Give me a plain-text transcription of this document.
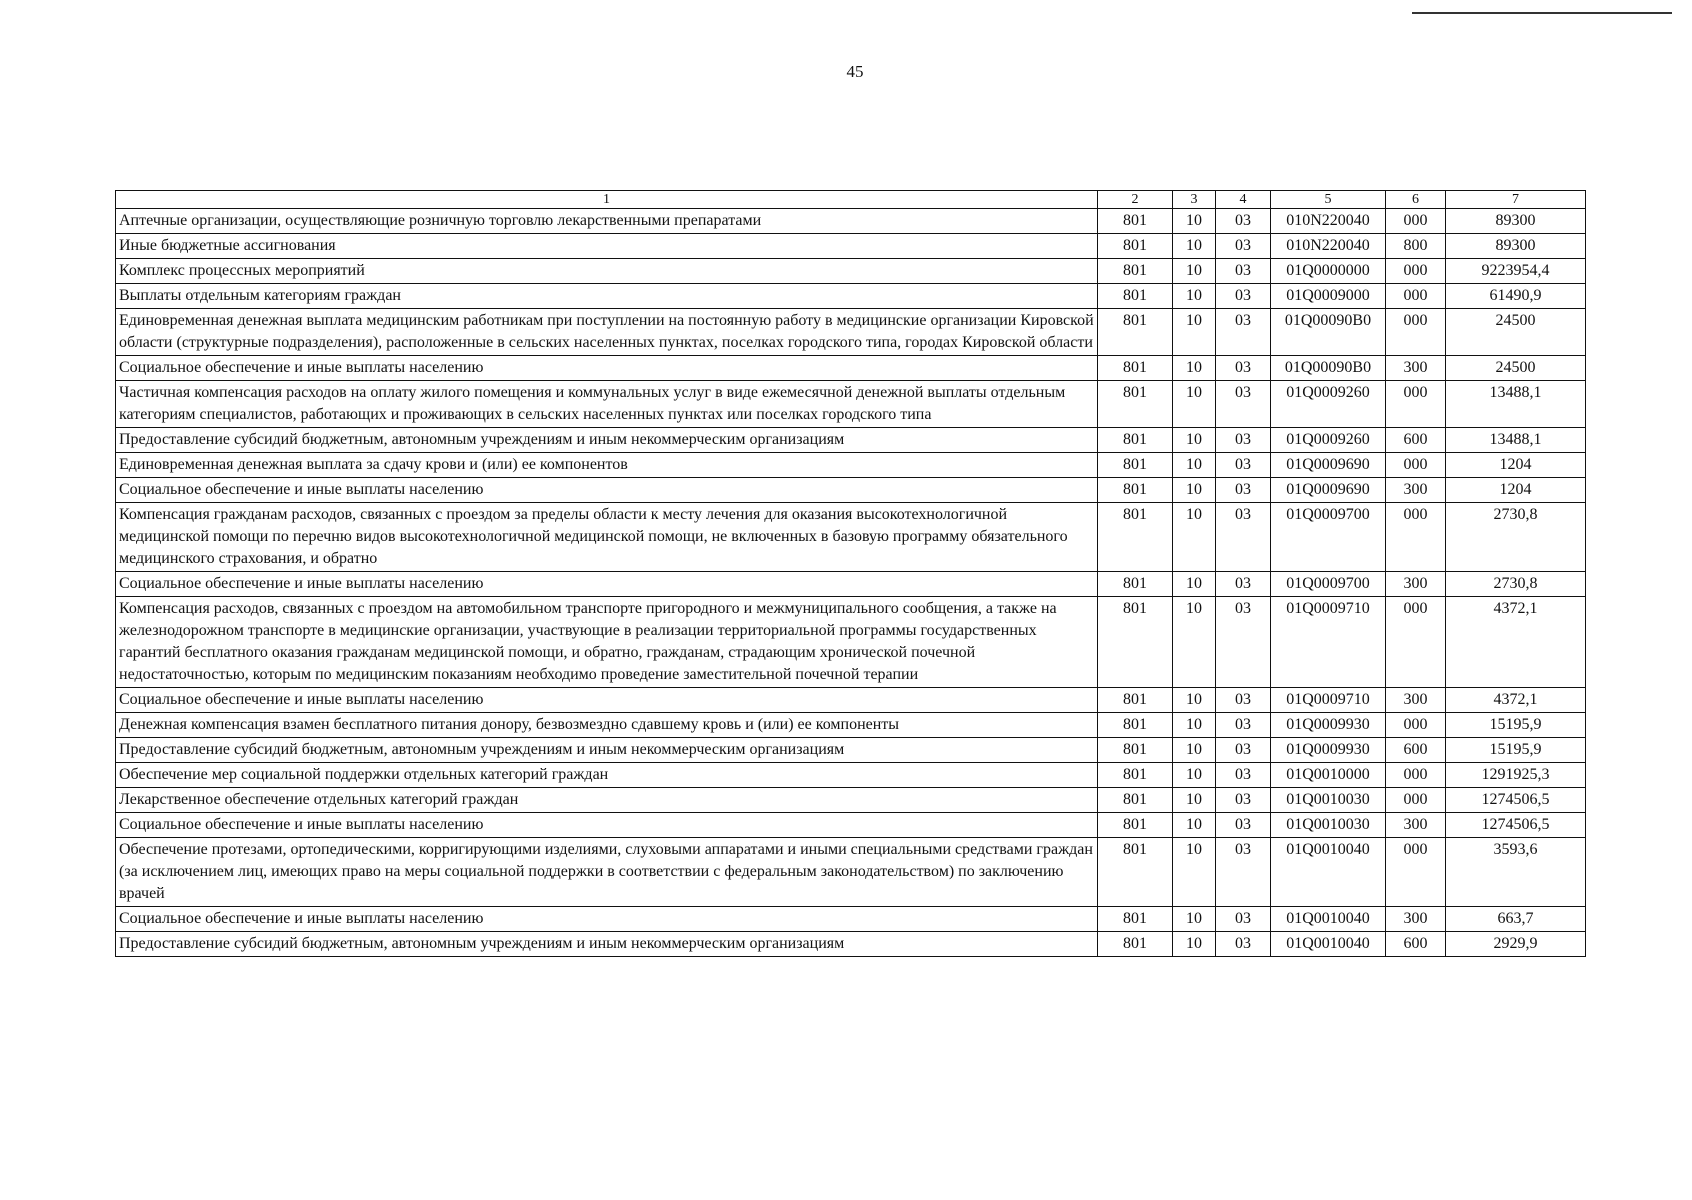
45
1	2	3	4	5	6	7
Аптечные организации, осуществляющие розничную торговлю лекарственными препаратами	801	10	03	010N220040	000	89300
Иные бюджетные ассигнования	801	10	03	010N220040	800	89300
Комплекс процессных мероприятий	801	10	03	01Q0000000	000	9223954,4
Выплаты отдельным категориям граждан	801	10	03	01Q0009000	000	61490,9
Единовременная денежная выплата медицинским работникам при поступлении на постоянную работу в медицинские организации Кировской области (структурные подразделения), расположенные в сельских населенных пунктах, поселках городского типа, городах Кировской области	801	10	03	01Q00090B0	000	24500
Социальное обеспечение и иные выплаты населению	801	10	03	01Q00090B0	300	24500
Частичная компенсация расходов на оплату жилого помещения и коммунальных услуг в виде ежемесячной денежной выплаты отдельным категориям специалистов, работающих и проживающих в сельских населенных пунктах или поселках городского типа	801	10	03	01Q0009260	000	13488,1
Предоставление субсидий бюджетным, автономным учреждениям и иным некоммерческим организациям	801	10	03	01Q0009260	600	13488,1
Единовременная денежная выплата за сдачу крови и (или) ее компонентов	801	10	03	01Q0009690	000	1204
Социальное обеспечение и иные выплаты населению	801	10	03	01Q0009690	300	1204
Компенсация гражданам расходов, связанных с проездом за пределы области к месту лечения для оказания высокотехнологичной медицинской помощи по перечню видов высокотехнологичной медицинской помощи, не включенных в базовую программу обязательного медицинского страхования, и обратно	801	10	03	01Q0009700	000	2730,8
Социальное обеспечение и иные выплаты населению	801	10	03	01Q0009700	300	2730,8
Компенсация расходов, связанных с проездом на автомобильном транспорте пригородного и межмуниципального сообщения, а также на железнодорожном транспорте в медицинские организации, участвующие в реализации территориальной программы государственных гарантий бесплатного оказания гражданам медицинской помощи, и обратно, гражданам, страдающим хронической почечной недостаточностью, которым по медицинским показаниям необходимо проведение заместительной почечной терапии	801	10	03	01Q0009710	000	4372,1
Социальное обеспечение и иные выплаты населению	801	10	03	01Q0009710	300	4372,1
Денежная компенсация взамен бесплатного питания донору, безвозмездно сдавшему кровь и (или) ее компоненты	801	10	03	01Q0009930	000	15195,9
Предоставление субсидий бюджетным, автономным учреждениям и иным некоммерческим организациям	801	10	03	01Q0009930	600	15195,9
Обеспечение мер социальной поддержки отдельных категорий граждан	801	10	03	01Q0010000	000	1291925,3
Лекарственное обеспечение отдельных категорий граждан	801	10	03	01Q0010030	000	1274506,5
Социальное обеспечение и иные выплаты населению	801	10	03	01Q0010030	300	1274506,5
Обеспечение протезами, ортопедическими, корригирующими изделиями, слуховыми аппаратами и иными специальными средствами граждан (за исключением лиц, имеющих право на меры социальной поддержки в соответствии с федеральным законодательством) по заключению врачей	801	10	03	01Q0010040	000	3593,6
Социальное обеспечение и иные выплаты населению	801	10	03	01Q0010040	300	663,7
Предоставление субсидий бюджетным, автономным учреждениям и иным некоммерческим организациям	801	10	03	01Q0010040	600	2929,9
